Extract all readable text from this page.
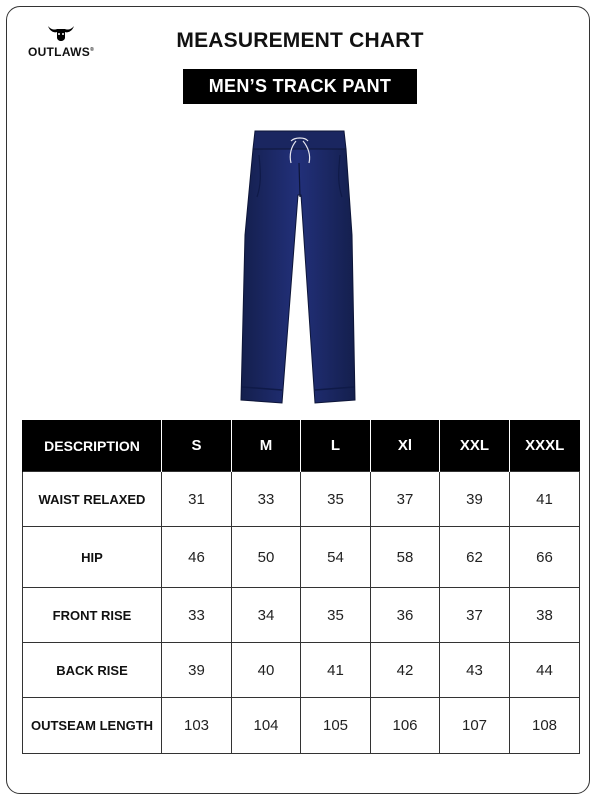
OUTLAWS®	MEASUREMENT CHART
MEN’S TRACK PANT
DESCRIPTION	S	M	L	Xl	XXL	XXXL
WAIST RELAXED	31	33	35	37	39	41
HIP	46	50	54	58	62	66
FRONT RISE	33	34	35	36	37	38
BACK RISE	39	40	41	42	43	44
OUTSEAM LENGTH	103	104	105	106	107	108
